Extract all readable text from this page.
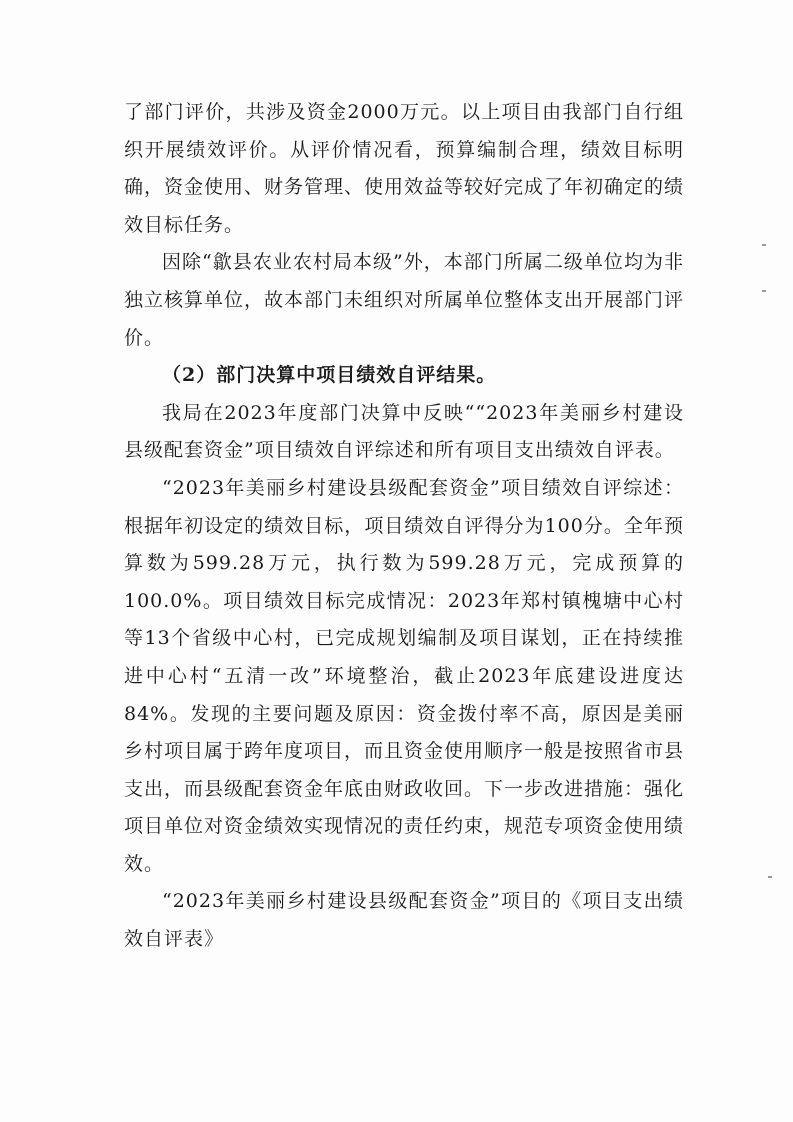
了部门评价，共涉及资金2000万元。以上项目由我部门自行组织开展绩效评价。从评价情况看，预算编制合理，绩效目标明确，资金使用、财务管理、使用效益等较好完成了年初确定的绩效目标任务。

因除“歙县农业农村局本级”外，本部门所属二级单位均为非独立核算单位，故本部门未组织对所属单位整体支出开展部门评价。

（2）部门决算中项目绩效自评结果。

我局在2023年度部门决算中反映““2023年美丽乡村建设县级配套资金”项目绩效自评综述和所有项目支出绩效自评表。

“2023年美丽乡村建设县级配套资金”项目绩效自评综述：根据年初设定的绩效目标，项目绩效自评得分为100分。全年预算数为599.28万元，执行数为599.28万元，完成预算的100.0%。项目绩效目标完成情况：2023年郑村镇槐塘中心村等13个省级中心村，已完成规划编制及项目谋划，正在持续推进中心村“五清一改”环境整治，截止2023年底建设进度达84%。发现的主要问题及原因：资金拨付率不高，原因是美丽乡村项目属于跨年度项目，而且资金使用顺序一般是按照省市县支出，而县级配套资金年底由财政收回。下一步改进措施：强化项目单位对资金绩效实现情况的责任约束，规范专项资金使用绩效。

“2023年美丽乡村建设县级配套资金”项目的《项目支出绩效自评表》
